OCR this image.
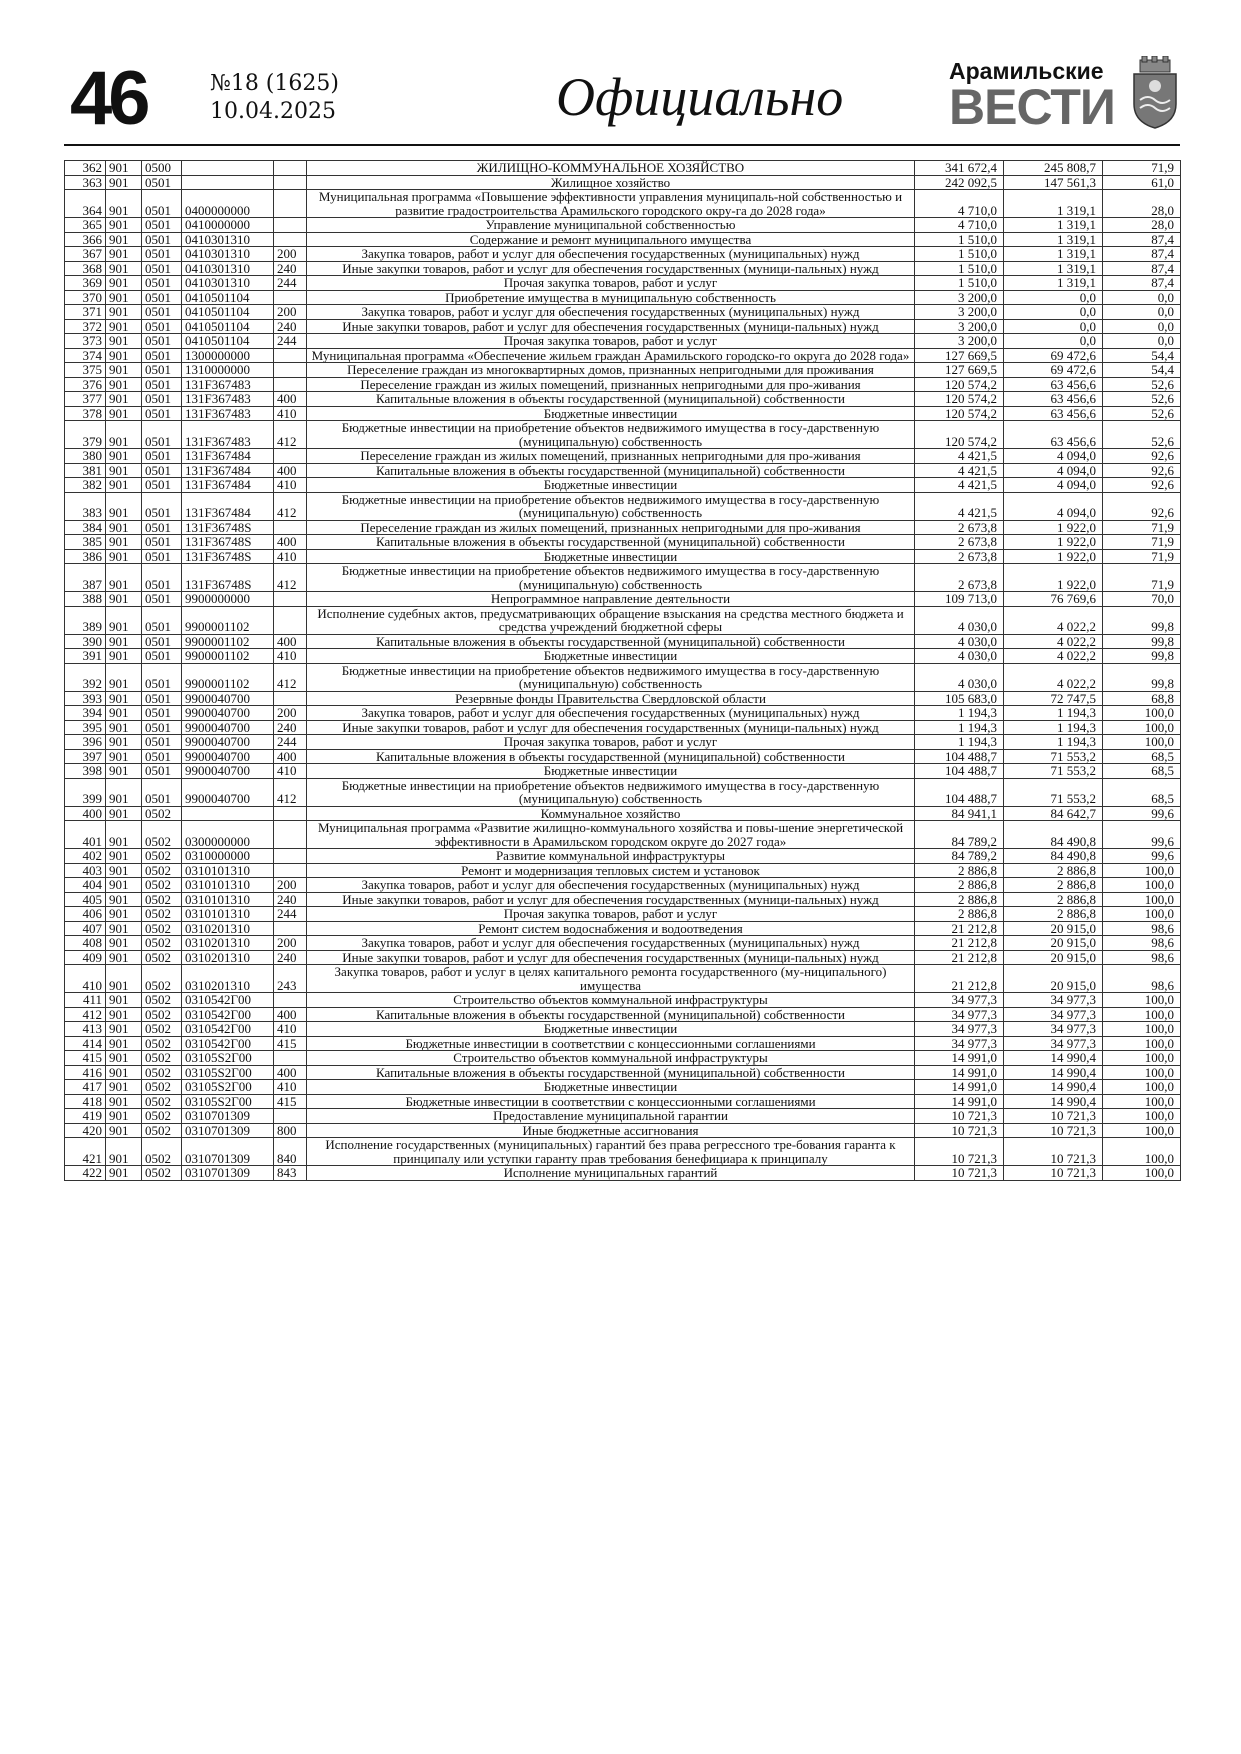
46	№18 (1625)
10.04.2025	Официально	Арамильские
ВЕСТИ
362	901	0500			ЖИЛИЩНО-КОММУНАЛЬНОЕ ХОЗЯЙСТВО	341 672,4	245 808,7	71,9
363	901	0501			Жилищное хозяйство	242 092,5	147 561,3	61,0
364	901	0501	0400000000		Муниципальная программа «Повышение эффективности управления муниципаль-ной собственностью и развитие градостроительства Арамильского городского окру-га до 2028 года»	4 710,0	1 319,1	28,0
365	901	0501	0410000000		Управление муниципальной собственностью	4 710,0	1 319,1	28,0
366	901	0501	0410301310		Содержание и ремонт муниципального имущества	1 510,0	1 319,1	87,4
367	901	0501	0410301310	200	Закупка товаров, работ и услуг для обеспечения государственных (муниципальных) нужд	1 510,0	1 319,1	87,4
368	901	0501	0410301310	240	Иные закупки товаров, работ и услуг для обеспечения государственных (муници-пальных) нужд	1 510,0	1 319,1	87,4
369	901	0501	0410301310	244	Прочая закупка товаров, работ и услуг	1 510,0	1 319,1	87,4
370	901	0501	0410501104		Приобретение имущества в муниципальную собственность	3 200,0	0,0	0,0
371	901	0501	0410501104	200	Закупка товаров, работ и услуг для обеспечения государственных (муниципальных) нужд	3 200,0	0,0	0,0
372	901	0501	0410501104	240	Иные закупки товаров, работ и услуг для обеспечения государственных (муници-пальных) нужд	3 200,0	0,0	0,0
373	901	0501	0410501104	244	Прочая закупка товаров, работ и услуг	3 200,0	0,0	0,0
374	901	0501	1300000000		Муниципальная программа «Обеспечение жильем граждан Арамильского городско-го округа до 2028 года»	127 669,5	69 472,6	54,4
375	901	0501	1310000000		Переселение граждан из многоквартирных домов, признанных непригодными для проживания	127 669,5	69 472,6	54,4
376	901	0501	131F367483		Переселение граждан из жилых помещений, признанных непригодными для про-живания	120 574,2	63 456,6	52,6
377	901	0501	131F367483	400	Капитальные вложения в объекты государственной (муниципальной) собственности	120 574,2	63 456,6	52,6
378	901	0501	131F367483	410	Бюджетные инвестиции	120 574,2	63 456,6	52,6
379	901	0501	131F367483	412	Бюджетные инвестиции на приобретение объектов недвижимого имущества в госу-дарственную (муниципальную) собственность	120 574,2	63 456,6	52,6
380	901	0501	131F367484		Переселение граждан из жилых помещений, признанных непригодными для про-живания	4 421,5	4 094,0	92,6
381	901	0501	131F367484	400	Капитальные вложения в объекты государственной (муниципальной) собственности	4 421,5	4 094,0	92,6
382	901	0501	131F367484	410	Бюджетные инвестиции	4 421,5	4 094,0	92,6
383	901	0501	131F367484	412	Бюджетные инвестиции на приобретение объектов недвижимого имущества в госу-дарственную (муниципальную) собственность	4 421,5	4 094,0	92,6
384	901	0501	131F36748S		Переселение граждан из жилых помещений, признанных непригодными для про-живания	2 673,8	1 922,0	71,9
385	901	0501	131F36748S	400	Капитальные вложения в объекты государственной (муниципальной) собственности	2 673,8	1 922,0	71,9
386	901	0501	131F36748S	410	Бюджетные инвестиции	2 673,8	1 922,0	71,9
387	901	0501	131F36748S	412	Бюджетные инвестиции на приобретение объектов недвижимого имущества в госу-дарственную (муниципальную) собственность	2 673,8	1 922,0	71,9
388	901	0501	9900000000		Непрограммное направление деятельности	109 713,0	76 769,6	70,0
389	901	0501	9900001102		Исполнение судебных актов, предусматривающих обращение взыскания на средства местного бюджета и средства учреждений бюджетной сферы	4 030,0	4 022,2	99,8
390	901	0501	9900001102	400	Капитальные вложения в объекты государственной (муниципальной) собственности	4 030,0	4 022,2	99,8
391	901	0501	9900001102	410	Бюджетные инвестиции	4 030,0	4 022,2	99,8
392	901	0501	9900001102	412	Бюджетные инвестиции на приобретение объектов недвижимого имущества в госу-дарственную (муниципальную) собственность	4 030,0	4 022,2	99,8
393	901	0501	9900040700		Резервные фонды Правительства Свердловской области	105 683,0	72 747,5	68,8
394	901	0501	9900040700	200	Закупка товаров, работ и услуг для обеспечения государственных (муниципальных) нужд	1 194,3	1 194,3	100,0
395	901	0501	9900040700	240	Иные закупки товаров, работ и услуг для обеспечения государственных (муници-пальных) нужд	1 194,3	1 194,3	100,0
396	901	0501	9900040700	244	Прочая закупка товаров, работ и услуг	1 194,3	1 194,3	100,0
397	901	0501	9900040700	400	Капитальные вложения в объекты государственной (муниципальной) собственности	104 488,7	71 553,2	68,5
398	901	0501	9900040700	410	Бюджетные инвестиции	104 488,7	71 553,2	68,5
399	901	0501	9900040700	412	Бюджетные инвестиции на приобретение объектов недвижимого имущества в госу-дарственную (муниципальную) собственность	104 488,7	71 553,2	68,5
400	901	0502			Коммунальное хозяйство	84 941,1	84 642,7	99,6
401	901	0502	0300000000		Муниципальная программа «Развитие жилищно-коммунального хозяйства и повы-шение энергетической эффективности в Арамильском городском округе до 2027 года»	84 789,2	84 490,8	99,6
402	901	0502	0310000000		Развитие коммунальной инфраструктуры	84 789,2	84 490,8	99,6
403	901	0502	0310101310		Ремонт и модернизация тепловых систем и установок	2 886,8	2 886,8	100,0
404	901	0502	0310101310	200	Закупка товаров, работ и услуг для обеспечения государственных (муниципальных) нужд	2 886,8	2 886,8	100,0
405	901	0502	0310101310	240	Иные закупки товаров, работ и услуг для обеспечения государственных (муници-пальных) нужд	2 886,8	2 886,8	100,0
406	901	0502	0310101310	244	Прочая закупка товаров, работ и услуг	2 886,8	2 886,8	100,0
407	901	0502	0310201310		Ремонт систем водоснабжения и водоотведения	21 212,8	20 915,0	98,6
408	901	0502	0310201310	200	Закупка товаров, работ и услуг для обеспечения государственных (муниципальных) нужд	21 212,8	20 915,0	98,6
409	901	0502	0310201310	240	Иные закупки товаров, работ и услуг для обеспечения государственных (муници-пальных) нужд	21 212,8	20 915,0	98,6
410	901	0502	0310201310	243	Закупка товаров, работ и услуг в целях капитального ремонта государственного (му-ниципального) имущества	21 212,8	20 915,0	98,6
411	901	0502	0310542Г00		Строительство объектов коммунальной инфраструктуры	34 977,3	34 977,3	100,0
412	901	0502	0310542Г00	400	Капитальные вложения в объекты государственной (муниципальной) собственности	34 977,3	34 977,3	100,0
413	901	0502	0310542Г00	410	Бюджетные инвестиции	34 977,3	34 977,3	100,0
414	901	0502	0310542Г00	415	Бюджетные инвестиции в соответствии с концессионными соглашениями	34 977,3	34 977,3	100,0
415	901	0502	03105S2Г00		Строительство объектов коммунальной инфраструктуры	14 991,0	14 990,4	100,0
416	901	0502	03105S2Г00	400	Капитальные вложения в объекты государственной (муниципальной) собственности	14 991,0	14 990,4	100,0
417	901	0502	03105S2Г00	410	Бюджетные инвестиции	14 991,0	14 990,4	100,0
418	901	0502	03105S2Г00	415	Бюджетные инвестиции в соответствии с концессионными соглашениями	14 991,0	14 990,4	100,0
419	901	0502	0310701309		Предоставление муниципальной гарантии	10 721,3	10 721,3	100,0
420	901	0502	0310701309	800	Иные бюджетные ассигнования	10 721,3	10 721,3	100,0
421	901	0502	0310701309	840	Исполнение государственных (муниципальных) гарантий без права регрессного тре-бования гаранта к принципалу или уступки гаранту прав требования бенефициара к принципалу	10 721,3	10 721,3	100,0
422	901	0502	0310701309	843	Исполнение муниципальных гарантий	10 721,3	10 721,3	100,0
